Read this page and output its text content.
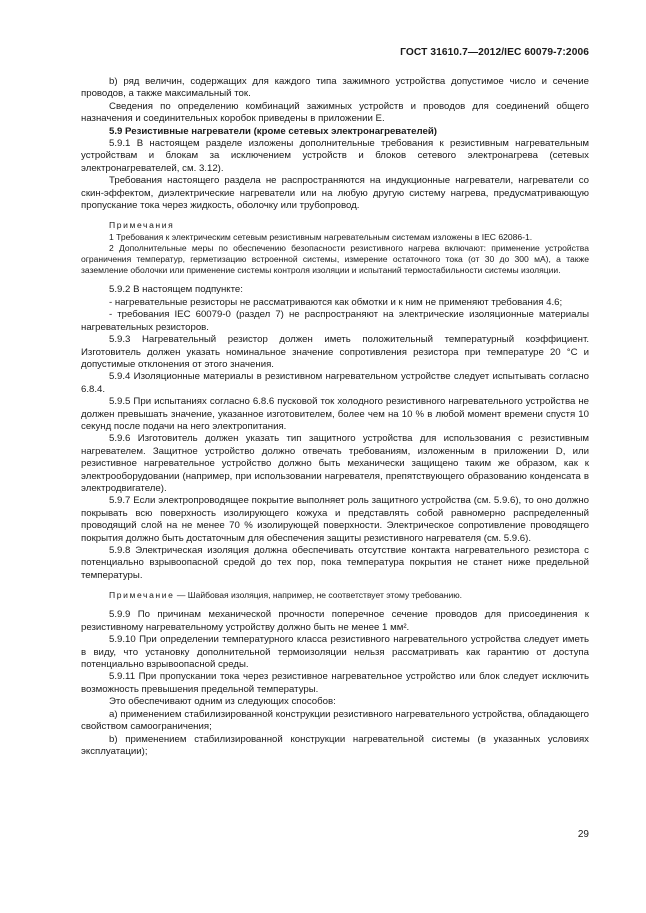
ГОСТ 31610.7—2012/IEC 60079-7:2006

b) ряд величин, содержащих для каждого типа зажимного устройства допустимое число и сечение проводов, а также максимальный ток.

Сведения по определению комбинаций зажимных устройств и проводов для соединений общего назначения и соединительных коробок приведены в приложении Е.

5.9 Резистивные нагреватели (кроме сетевых электронагревателей)

5.9.1 В настоящем разделе изложены дополнительные требования к резистивным нагревательным устройствам и блокам за исключением устройств и блоков сетевого электронагрева (сетевых электронагревателей, см. 3.12).

Требования настоящего раздела не распространяются на индукционные нагреватели, нагреватели со скин-эффектом, диэлектрические нагреватели или на любую другую систему нагрева, предусматривающую пропускание тока через жидкость, оболочку или трубопровод.

Примечания

1 Требования к электрическим сетевым резистивным нагревательным системам изложены в IEC 62086-1.

2 Дополнительные меры по обеспечению безопасности резистивного нагрева включают: применение устройства ограничения температур, герметизацию встроенной системы, измерение остаточного тока (от 30 до 300 мА), а также заземление оболочки или применение системы контроля изоляции и испытаний термостабильности системы изоляции.

5.9.2 В настоящем подпункте:

- нагревательные резисторы не рассматриваются как обмотки и к ним не применяют требования 4.6;

- требования IEC 60079-0 (раздел 7) не распространяют на электрические изоляционные материалы нагревательных резисторов.

5.9.3 Нагревательный резистор должен иметь положительный температурный коэффициент. Изготовитель должен указать номинальное значение сопротивления резистора при температуре 20 °С и допустимые отклонения от этого значения.

5.9.4 Изоляционные материалы в резистивном нагревательном устройстве следует испытывать согласно 6.8.4.

5.9.5 При испытаниях согласно 6.8.6 пусковой ток холодного резистивного нагревательного устройства не должен превышать значение, указанное изготовителем, более чем на 10 % в любой момент времени спустя 10 секунд после подачи на него электропитания.

5.9.6 Изготовитель должен указать тип защитного устройства для использования с резистивным нагревателем. Защитное устройство должно отвечать требованиям, изложенным в приложении D, или резистивное нагревательное устройство должно быть механически защищено таким же образом, как к электрооборудовании (например, при использовании нагревателя, препятствующего образованию конденсата в электродвигателе).

5.9.7 Если электропроводящее покрытие выполняет роль защитного устройства (см. 5.9.6), то оно должно покрывать всю поверхность изолирующего кожуха и представлять собой равномерно распределенный проводящий слой на не менее 70 % изолирующей поверхности. Электрическое сопротивление проводящего покрытия должно быть достаточным для обеспечения защиты резистивного нагревателя (см. 5.9.6).

5.9.8 Электрическая изоляция должна обеспечивать отсутствие контакта нагревательного резистора с потенциально взрывоопасной средой до тех пор, пока температура покрытия не станет ниже предельной температуры.

Примечание — Шайбовая изоляция, например, не соответствует этому требованию.

5.9.9 По причинам механической прочности поперечное сечение проводов для присоединения к резистивному нагревательному устройству должно быть не менее 1 мм².

5.9.10 При определении температурного класса резистивного нагревательного устройства следует иметь в виду, что установку дополнительной термоизоляции нельзя рассматривать как гарантию от доступа потенциально взрывоопасной среды.

5.9.11 При пропускании тока через резистивное нагревательное устройство или блок следует исключить возможность превышения предельной температуры.

Это обеспечивают одним из следующих способов:

a) применением стабилизированной конструкции резистивного нагревательного устройства, обладающего свойством самоограничения;

b) применением стабилизированной конструкции нагревательной системы (в указанных условиях эксплуатации);

29
